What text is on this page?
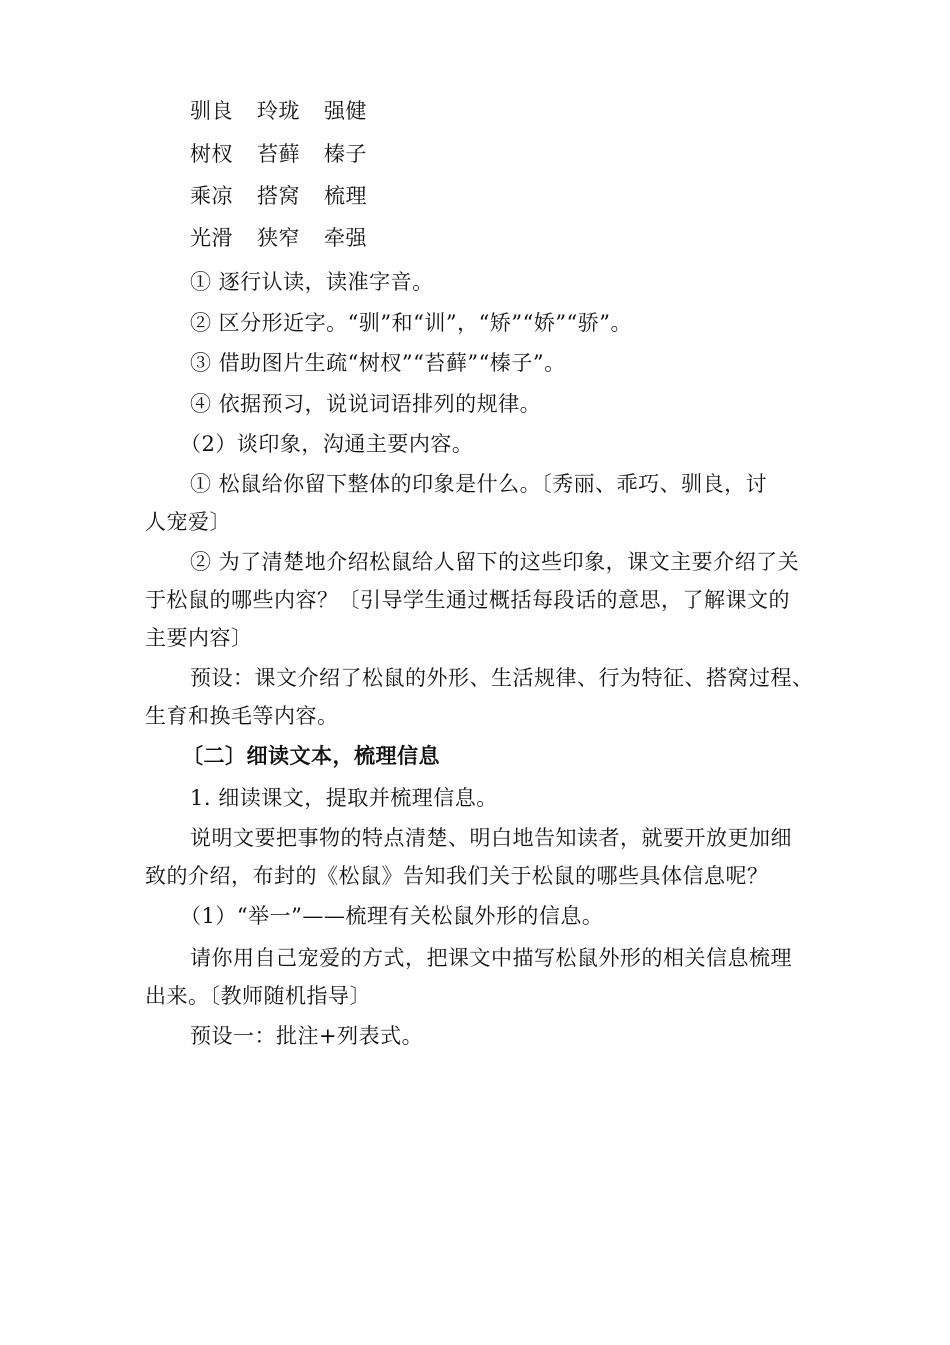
驯良 玲珑 强健
树杈 苔藓 榛子
乘凉 搭窝 梳理
光滑 狭窄 牵强
① 逐行认读，读准字音。
② 区分形近字。“驯”和“训”，“矫”“娇”“骄”。
③ 借助图片生疏“树杈”“苔藓”“榛子”。
④ 依据预习，说说词语排列的规律。
（2）谈印象，沟通主要内容。
① 松鼠给你留下整体的印象是什么。〔秀丽、乖巧、驯良，讨
人宠爱〕
② 为了清楚地介绍松鼠给人留下的这些印象，课文主要介绍了关
于松鼠的哪些内容？〔引导学生通过概括每段话的意思，了解课文的
主要内容〕
预设：课文介绍了松鼠的外形、生活规律、行为特征、搭窝过程、
生育和换毛等内容。
〔二〕细读文本，梳理信息
1. 细读课文，提取并梳理信息。
说明文要把事物的特点清楚、明白地告知读者，就要开放更加细
致的介绍，布封的《松鼠》告知我们关于松鼠的哪些具体信息呢？
（1）“举一”——梳理有关松鼠外形的信息。
请你用自己宠爱的方式，把课文中描写松鼠外形的相关信息梳理
出来。〔教师随机指导〕
预设一：批注+列表式。
